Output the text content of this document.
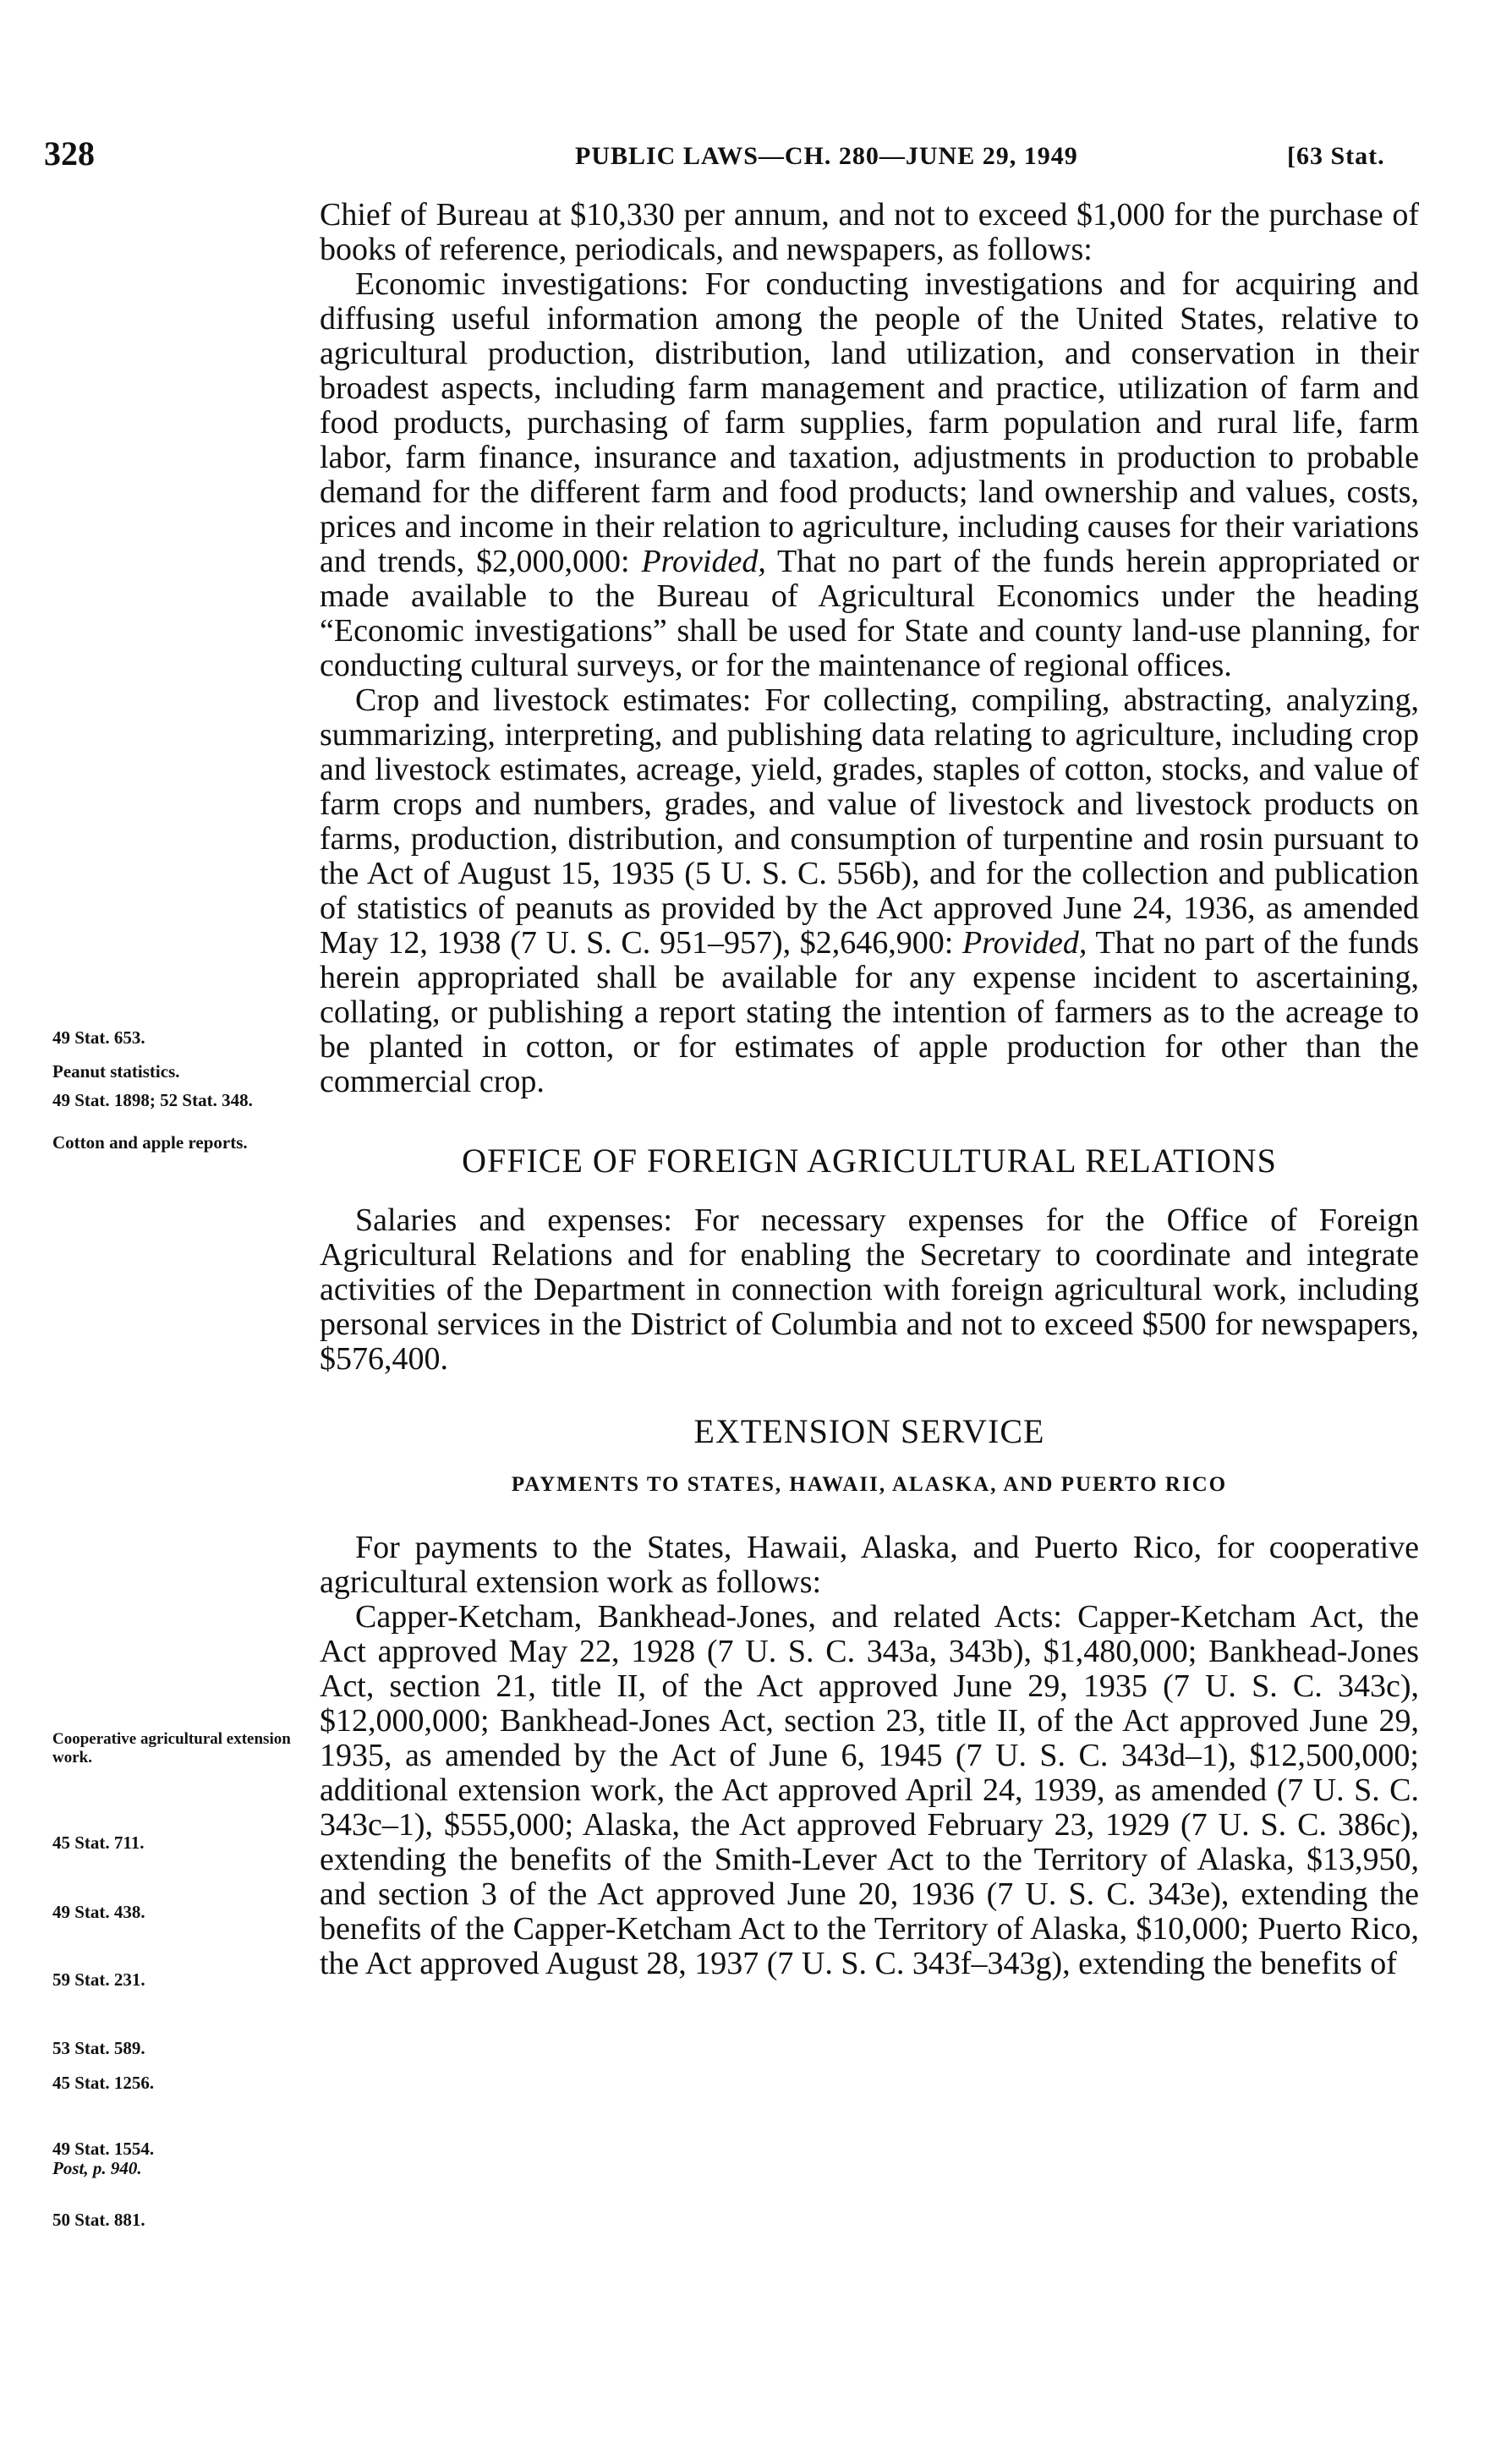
328	PUBLIC LAWS—CH. 280—JUNE 29, 1949	[63 Stat.

Chief of Bureau at $10,330 per annum, and not to exceed $1,000 for the purchase of books of reference, periodicals, and newspapers, as follows:

Economic investigations: For conducting investigations and for acquiring and diffusing useful information among the people of the United States, relative to agricultural production, distribution, land utilization, and conservation in their broadest aspects, including farm management and practice, utilization of farm and food products, purchasing of farm supplies, farm population and rural life, farm labor, farm finance, insurance and taxation, adjustments in production to probable demand for the different farm and food products; land ownership and values, costs, prices and income in their relation to agriculture, including causes for their variations and trends, $2,000,000: Provided, That no part of the funds herein appropriated or made available to the Bureau of Agricultural Economics under the heading “Economic investigations” shall be used for State and county land-use planning, for conducting cultural surveys, or for the maintenance of regional offices.

Crop and livestock estimates: For collecting, compiling, abstracting, analyzing, summarizing, interpreting, and publishing data relating to agriculture, including crop and livestock estimates, acreage, yield, grades, staples of cotton, stocks, and value of farm crops and numbers, grades, and value of livestock and livestock products on farms, production, distribution, and consumption of turpentine and rosin pursuant to the Act of August 15, 1935 (5 U. S. C. 556b), and for the collection and publication of statistics of peanuts as provided by the Act approved June 24, 1936, as amended May 12, 1938 (7 U. S. C. 951–957), $2,646,900: Provided, That no part of the funds herein appropriated shall be available for any expense incident to ascertaining, collating, or publishing a report stating the intention of farmers as to the acreage to be planted in cotton, or for estimates of apple production for other than the commercial crop.

OFFICE OF FOREIGN AGRICULTURAL RELATIONS

Salaries and expenses: For necessary expenses for the Office of Foreign Agricultural Relations and for enabling the Secretary to coordinate and integrate activities of the Department in connection with foreign agricultural work, including personal services in the District of Columbia and not to exceed $500 for newspapers, $576,400.

EXTENSION SERVICE
PAYMENTS TO STATES, HAWAII, ALASKA, AND PUERTO RICO

For payments to the States, Hawaii, Alaska, and Puerto Rico, for cooperative agricultural extension work as follows:

Capper-Ketcham, Bankhead-Jones, and related Acts: Capper-Ketcham Act, the Act approved May 22, 1928 (7 U. S. C. 343a, 343b), $1,480,000; Bankhead-Jones Act, section 21, title II, of the Act approved June 29, 1935 (7 U. S. C. 343c), $12,000,000; Bankhead-Jones Act, section 23, title II, of the Act approved June 29, 1935, as amended by the Act of June 6, 1945 (7 U. S. C. 343d–1), $12,500,000; additional extension work, the Act approved April 24, 1939, as amended (7 U. S. C. 343c–1), $555,000; Alaska, the Act approved February 23, 1929 (7 U. S. C. 386c), extending the benefits of the Smith-Lever Act to the Territory of Alaska, $13,950, and section 3 of the Act approved June 20, 1936 (7 U. S. C. 343e), extending the benefits of the Capper-Ketcham Act to the Territory of Alaska, $10,000; Puerto Rico, the Act approved August 28, 1937 (7 U. S. C. 343f–343g), extending the benefits of

49 Stat. 653.
Peanut statistics.
49 Stat. 1898; 52 Stat. 348.
Cotton and apple reports.
Cooperative agricultural extension work.
45 Stat. 711.
49 Stat. 438.
59 Stat. 231.
53 Stat. 589.
45 Stat. 1256.
49 Stat. 1554.
Post, p. 940.
50 Stat. 881.
